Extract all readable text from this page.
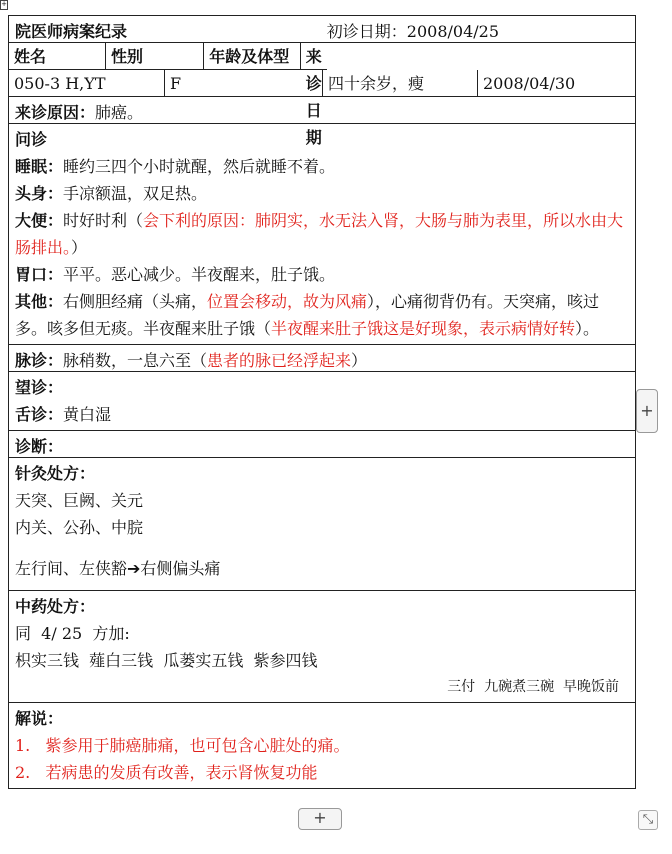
+
院医师病案纪录	初诊日期：2008/04/25
姓名	性别	年龄及体型	来诊日期
050-3 H,YT	F	四十余岁，瘦	2008/04/30
来诊原因：肺癌。
问诊
睡眠：睡约三四个小时就醒，然后就睡不着。
头身：手凉额温，双足热。
大便：时好时利（会下利的原因：肺阴实，水无法入肾，大肠与肺为表里，所以水由大肠排出。）
胃口：平平。恶心减少。半夜醒来，肚子饿。
其他：右侧胆经痛（头痛，位置会移动，故为风痛），心痛彻背仍有。天突痛，咳过多。咳多但无痰。半夜醒来肚子饿（半夜醒来肚子饿这是好现象，表示病情好转）。
脉诊：脉稍数，一息六至（患者的脉已经浮起来）
望诊：
舌诊：黄白湿
诊断：
针灸处方：
天突、巨阙、关元
内关、公孙、中脘
左行间、左侠豁➔右侧偏头痛
中药处方：
同  4/ 25  方加:
枳实三钱  薤白三钱  瓜蒌实五钱  紫参四钱
三付  九碗煮三碗  早晚饭前
解说：
1.   紫参用于肺癌肺痛，也可包含心脏处的痛。
2.   若病患的发质有改善，表示肾恢复功能
+
+	⤡
